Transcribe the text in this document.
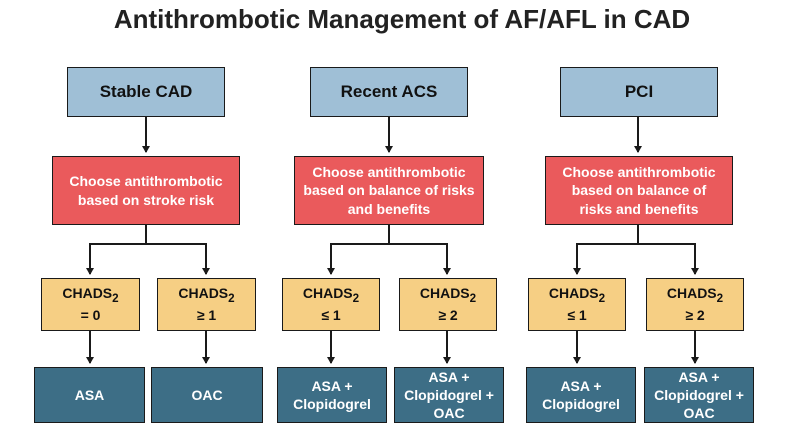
Antithrombotic Management of AF/AFL in CAD
Stable CAD
Choose antithrombotic
based on stroke risk
$CHADS_2$
= 0
$CHADS_2$
≥ 1
ASA	OAC
Recent ACS
Choose antithrombotic
based on balance of risks
and benefits
$CHADS_2$
≤ 1
$CHADS_2$
≥ 2
ASA +
Clopidogrel
ASA +
Clopidogrel +
OAC
PCI
Choose antithrombotic
based on balance of
risks and benefits
$CHADS_2$
≤ 1
$CHADS_2$
≥ 2
ASA +
Clopidogrel
ASA +
Clopidogrel +
OAC
